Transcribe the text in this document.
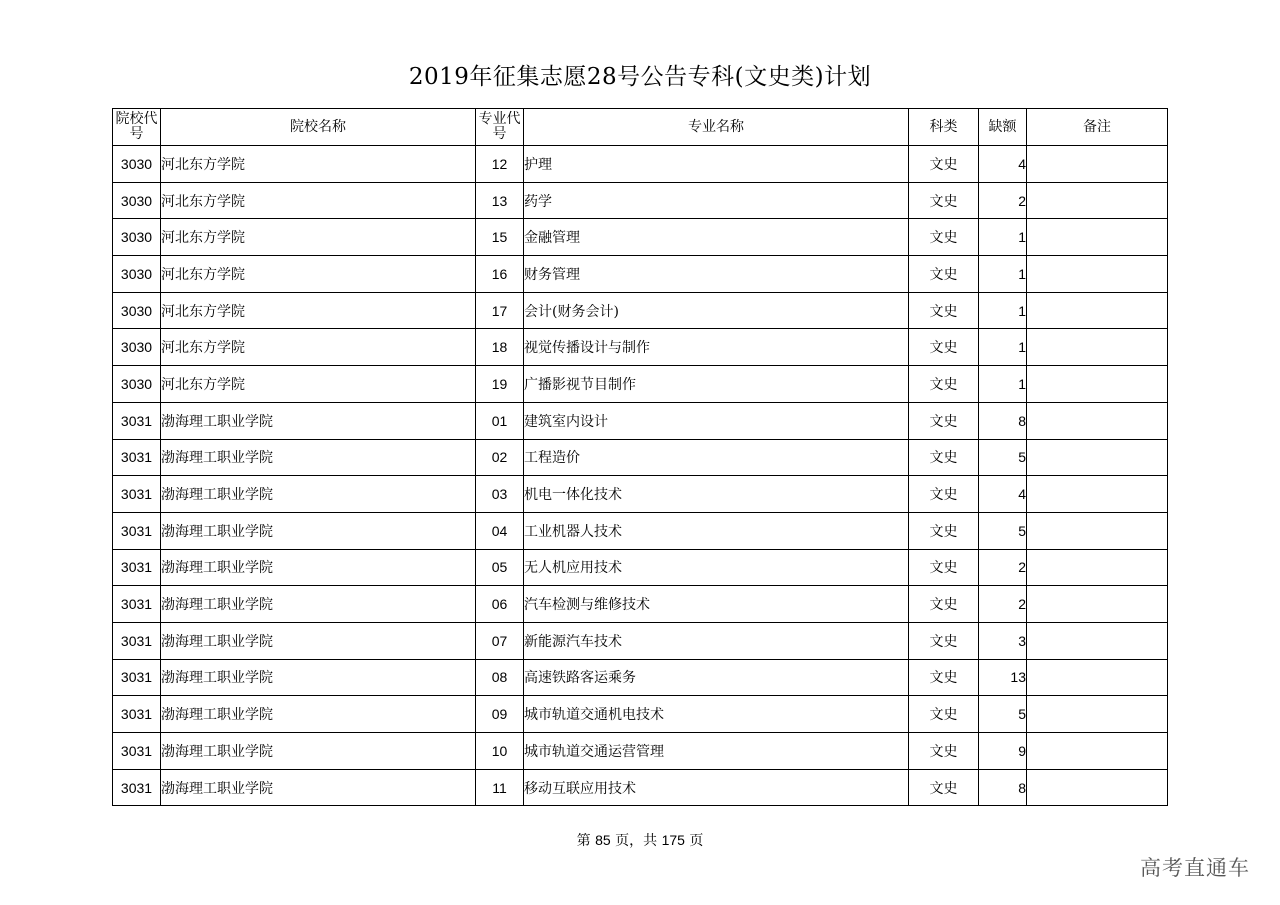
2019年征集志愿28号公告专科(文史类)计划
院校代号	院校名称	专业代号	专业名称	科类	缺额	备注
3030	河北东方学院	12	护理	文史	4	
3030	河北东方学院	13	药学	文史	2	
3030	河北东方学院	15	金融管理	文史	1	
3030	河北东方学院	16	财务管理	文史	1	
3030	河北东方学院	17	会计(财务会计)	文史	1	
3030	河北东方学院	18	视觉传播设计与制作	文史	1	
3030	河北东方学院	19	广播影视节目制作	文史	1	
3031	渤海理工职业学院	01	建筑室内设计	文史	8	
3031	渤海理工职业学院	02	工程造价	文史	5	
3031	渤海理工职业学院	03	机电一体化技术	文史	4	
3031	渤海理工职业学院	04	工业机器人技术	文史	5	
3031	渤海理工职业学院	05	无人机应用技术	文史	2	
3031	渤海理工职业学院	06	汽车检测与维修技术	文史	2	
3031	渤海理工职业学院	07	新能源汽车技术	文史	3	
3031	渤海理工职业学院	08	高速铁路客运乘务	文史	13	
3031	渤海理工职业学院	09	城市轨道交通机电技术	文史	5	
3031	渤海理工职业学院	10	城市轨道交通运营管理	文史	9	
3031	渤海理工职业学院	11	移动互联应用技术	文史	8	
第 85 页，共 175 页
高考直通车
